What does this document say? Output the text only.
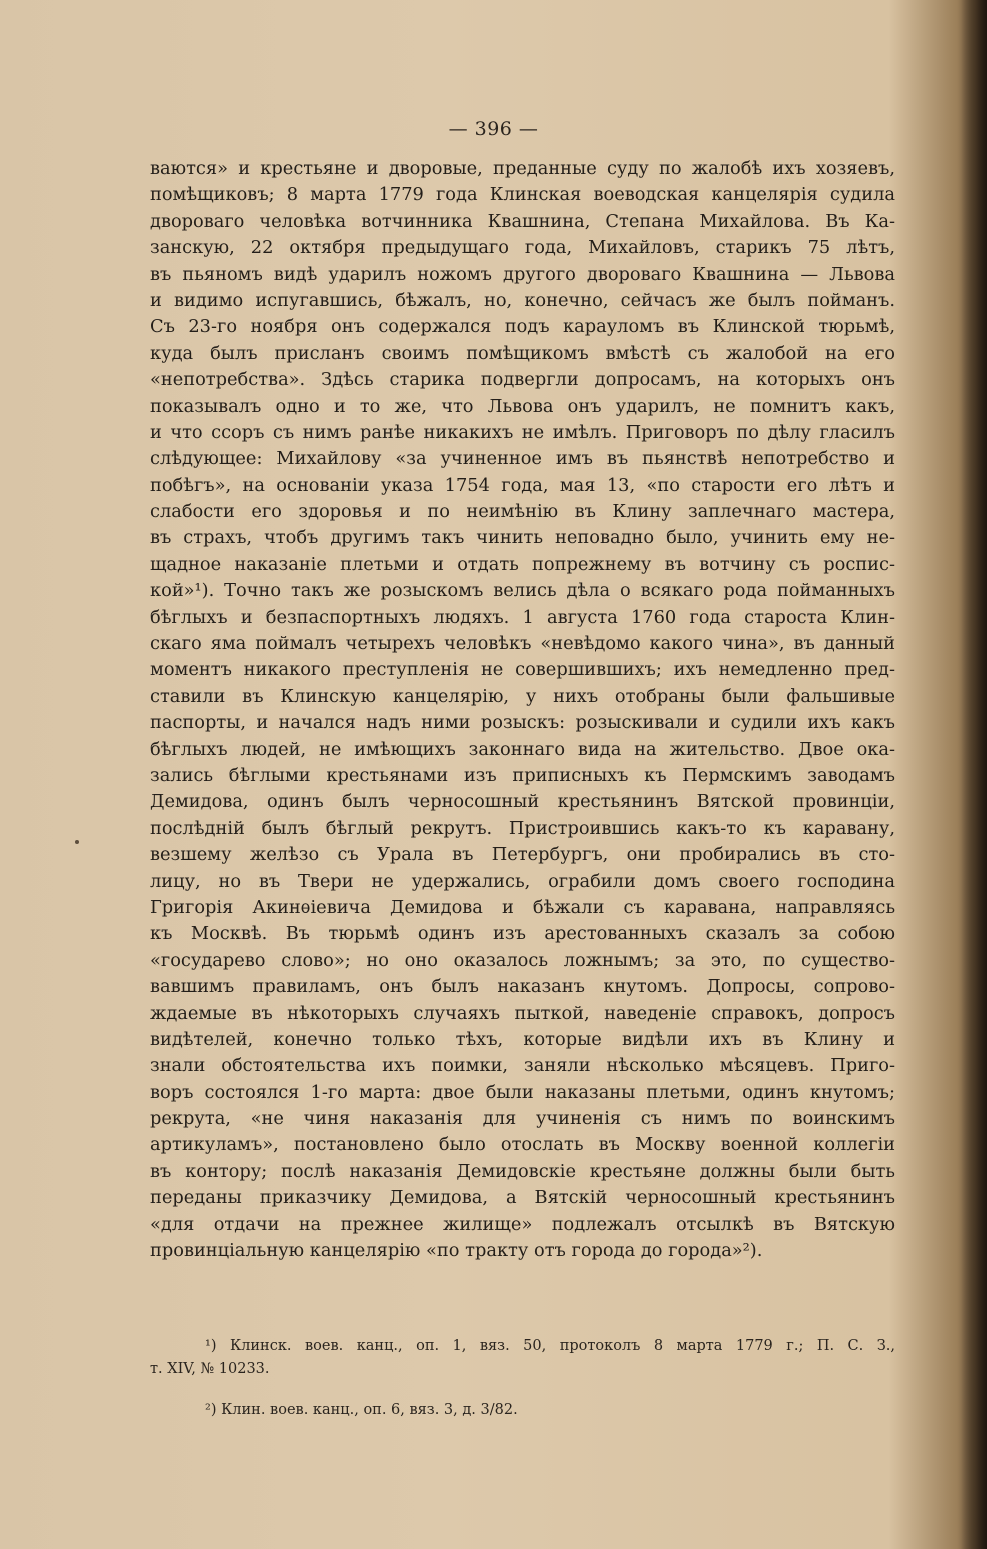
— 396 —
ваются» и крестьяне и дворовые, преданные суду по жалобѣ ихъ хозяевъ,
помѣщиковъ; 8 марта 1779 года Клинская воеводская канцелярія судила
двороваго человѣка вотчинника Квашнина, Степана Михайлова. Въ Ка-
занскую, 22 октября предыдущаго года, Михайловъ, старикъ 75 лѣтъ,
въ пьяномъ видѣ ударилъ ножомъ другого двороваго Квашнина — Львова
и видимо испугавшись, бѣжалъ, но, конечно, сейчасъ же былъ пойманъ.
Съ 23-го ноября онъ содержался подъ карауломъ въ Клинской тюрьмѣ,
куда былъ присланъ своимъ помѣщикомъ вмѣстѣ съ жалобой на его
«непотребства». Здѣсь старика подвергли допросамъ, на которыхъ онъ
показывалъ одно и то же, что Львова онъ ударилъ, не помнитъ какъ,
и что ссоръ съ нимъ ранѣе никакихъ не имѣлъ. Приговоръ по дѣлу гласилъ
слѣдующее: Михайлову «за учиненное имъ въ пьянствѣ непотребство и
побѣгъ», на основаніи указа 1754 года, мая 13, «по старости его лѣтъ и
слабости его здоровья и по неимѣнію въ Клину заплечнаго мастера,
въ страхъ, чтобъ другимъ такъ чинить неповадно было, учинить ему не-
щадное наказаніе плетьми и отдать попрежнему въ вотчину съ роспис-
кой»¹). Точно такъ же розыскомъ велись дѣла о всякаго рода пойманныхъ
бѣглыхъ и безпаспортныхъ людяхъ. 1 августа 1760 года староста Клин-
скаго яма поймалъ четырехъ человѣкъ «невѣдомо какого чина», въ данный
моментъ никакого преступленія не совершившихъ; ихъ немедленно пред-
ставили въ Клинскую канцелярію, у нихъ отобраны были фальшивые
паспорты, и начался надъ ними розыскъ: розыскивали и судили ихъ какъ
бѣглыхъ людей, не имѣющихъ законнаго вида на жительство. Двое ока-
зались бѣглыми крестьянами изъ приписныхъ къ Пермскимъ заводамъ
Демидова, одинъ былъ черносошный крестьянинъ Вятской провинціи,
послѣдній былъ бѣглый рекрутъ. Пристроившись какъ-то къ каравану,
везшему желѣзо съ Урала въ Петербургъ, они пробирались въ сто-
лицу, но въ Твери не удержались, ограбили домъ своего господина
Григорія Акинѳіевича Демидова и бѣжали съ каравана, направляясь
къ Москвѣ. Въ тюрьмѣ одинъ изъ арестованныхъ сказалъ за собою
«государево слово»; но оно оказалось ложнымъ; за это, по существо-
вавшимъ правиламъ, онъ былъ наказанъ кнутомъ. Допросы, сопрово-
ждаемые въ нѣкоторыхъ случаяхъ пыткой, наведеніе справокъ, допросъ
видѣтелей, конечно только тѣхъ, которые видѣли ихъ въ Клину и
знали обстоятельства ихъ поимки, заняли нѣсколько мѣсяцевъ. Приго-
воръ состоялся 1-го марта: двое были наказаны плетьми, одинъ кнутомъ;
рекрута, «не чиня наказанія для учиненія съ нимъ по воинскимъ
артикуламъ», постановлено было отослать въ Москву военной коллегіи
въ контору; послѣ наказанія Демидовскіе крестьяне должны были быть
переданы приказчику Демидова, а Вятскій черносошный крестьянинъ
«для отдачи на прежнее жилище» подлежалъ отсылкѣ въ Вятскую
провинціальную канцелярію «по тракту отъ города до города»²).
¹) Клинск. воев. канц., оп. 1, вяз. 50, протоколъ 8 марта 1779 г.; П. С. З.,
т. XIV, № 10233.
²) Клин. воев. канц., оп. 6, вяз. 3, д. 3/82.
